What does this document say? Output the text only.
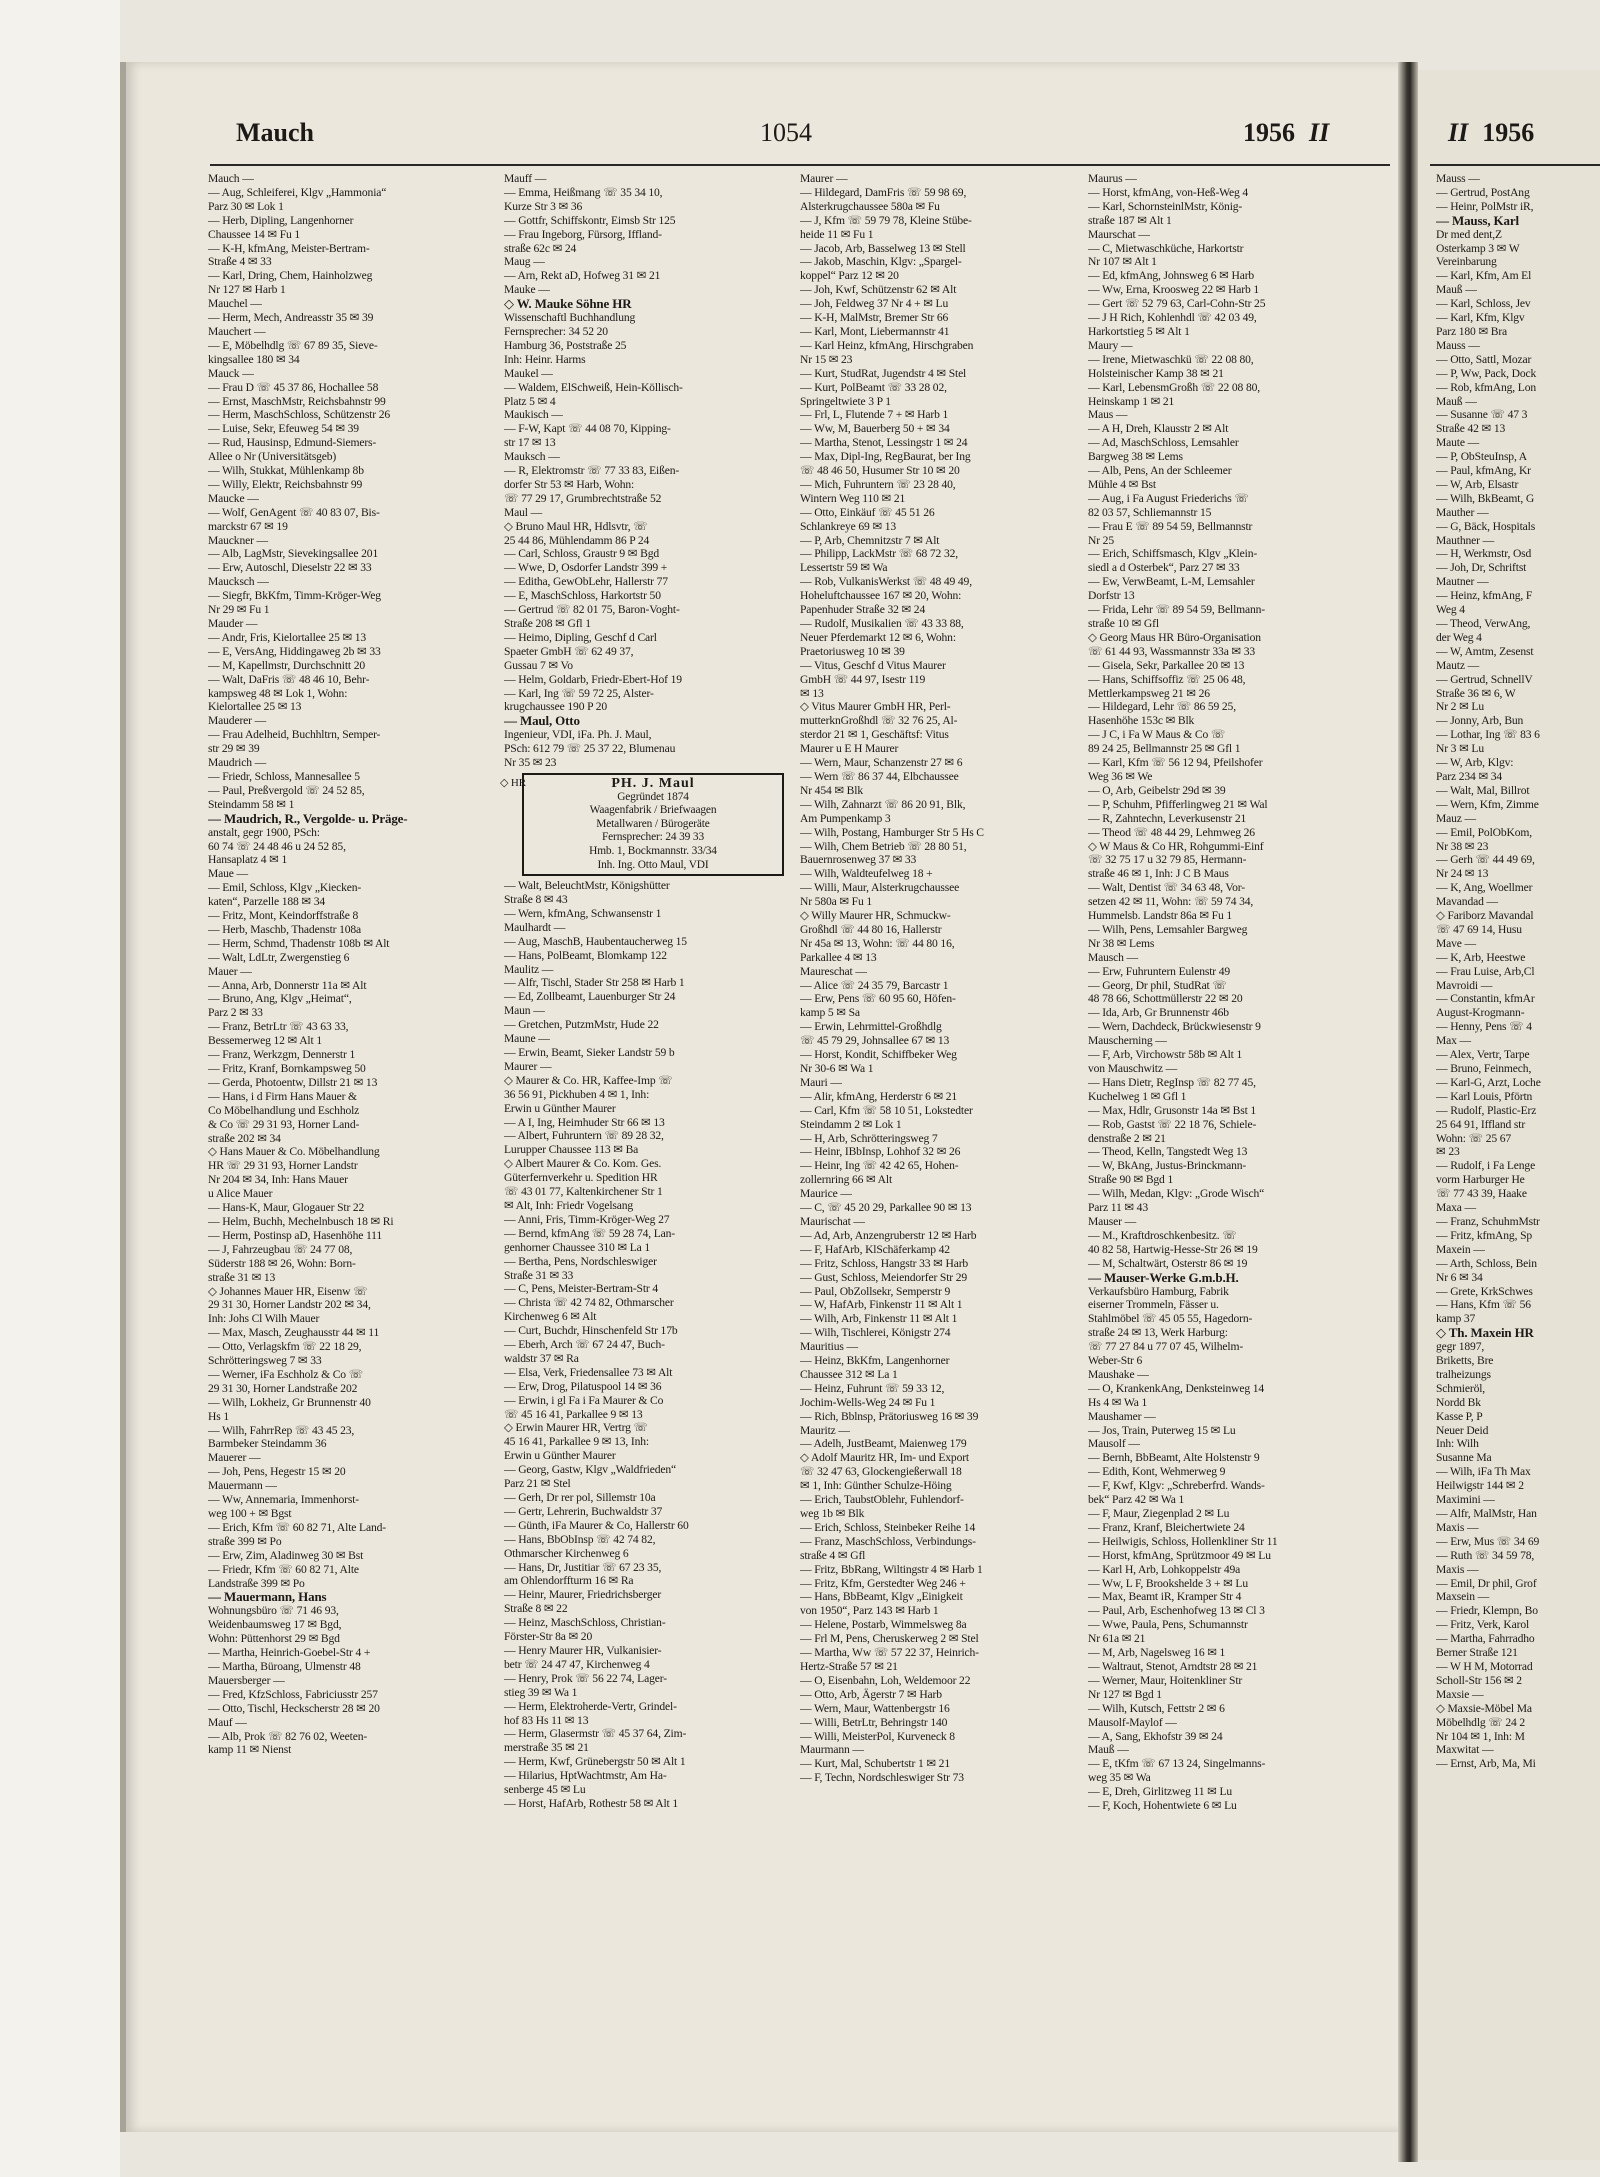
Mauch	1054	1956 II	II 1956
Mauch —
— Aug, Schleiferei, Klgv „Hammonia“
Parz 30 ✉ Lok 1
— Herb, Dipling, Langenhorner
Chaussee 14 ✉ Fu 1
— K-H, kfmAng, Meister-Bertram-
Straße 4 ✉ 33
— Karl, Dring, Chem, Hainholzweg
Nr 127 ✉ Harb 1
Mauchel —
— Herm, Mech, Andreasstr 35 ✉ 39
Mauchert —
— E, Möbelhdlg ☏ 67 89 35, Sieve-
kingsallee 180 ✉ 34
Mauck —
— Frau D ☏ 45 37 86, Hochallee 58
— Ernst, MaschMstr, Reichsbahnstr 99
— Herm, MaschSchloss, Schützenstr 26
— Luise, Sekr, Efeuweg 54 ✉ 39
— Rud, Hausinsp, Edmund-Siemers-
Allee o Nr (Universitätsgeb)
— Wilh, Stukkat, Mühlenkamp 8b
— Willy, Elektr, Reichsbahnstr 99
Maucke —
— Wolf, GenAgent ☏ 40 83 07, Bis-
marckstr 67 ✉ 19
Mauckner —
— Alb, LagMstr, Sievekingsallee 201
— Erw, Autoschl, Dieselstr 22 ✉ 33
Maucksch —
— Siegfr, BkKfm, Timm-Kröger-Weg
Nr 29 ✉ Fu 1
Mauder —
— Andr, Fris, Kielortallee 25 ✉ 13
— E, VersAng, Hiddingaweg 2b ✉ 33
— M, Kapellmstr, Durchschnitt 20
— Walt, DaFris ☏ 48 46 10, Behr-
kampsweg 48 ✉ Lok 1, Wohn:
Kielortallee 25 ✉ 13
Mauderer —
— Frau Adelheid, Buchhltrn, Semper-
str 29 ✉ 39
Maudrich —
— Friedr, Schloss, Mannesallee 5
— Paul, Preßvergold ☏ 24 52 85,
Steindamm 58 ✉ 1
— Maudrich, R., Vergolde- u. Präge-
anstalt, gegr 1900, PSch:
60 74 ☏ 24 48 46 u 24 52 85,
Hansaplatz 4 ✉ 1
Maue —
— Emil, Schloss, Klgv „Kiecken-
katen“, Parzelle 188 ✉ 34
— Fritz, Mont, Keindorffstraße 8
— Herb, Maschb, Thadenstr 108a
— Herm, Schmd, Thadenstr 108b ✉ Alt
— Walt, LdLtr, Zwergenstieg 6
Mauer —
— Anna, Arb, Donnerstr 11a ✉ Alt
— Bruno, Ang, Klgv „Heimat“,
Parz 2 ✉ 33
— Franz, BetrLtr ☏ 43 63 33,
Bessemerweg 12 ✉ Alt 1
— Franz, Werkzgm, Dennerstr 1
— Fritz, Kranf, Bornkampsweg 50
— Gerda, Photoentw, Dillstr 21 ✉ 13
— Hans, i d Firm Hans Mauer &
Co Möbelhandlung und Eschholz
& Co ☏ 29 31 93, Horner Land-
straße 202 ✉ 34
◇ Hans Mauer & Co. Möbelhandlung
HR ☏ 29 31 93, Horner Landstr
Nr 204 ✉ 34, Inh: Hans Mauer
u Alice Mauer
— Hans-K, Maur, Glogauer Str 22
— Helm, Buchh, Mechelnbusch 18 ✉ Ri
— Herm, Postinsp aD, Hasenhöhe 111
— J, Fahrzeugbau ☏ 24 77 08,
Süderstr 188 ✉ 26, Wohn: Born-
straße 31 ✉ 13
◇ Johannes Mauer HR, Eisenw ☏
29 31 30, Horner Landstr 202 ✉ 34,
Inh: Johs Cl Wilh Mauer
— Max, Masch, Zeughausstr 44 ✉ 11
— Otto, Verlagskfm ☏ 22 18 29,
Schrötteringsweg 7 ✉ 33
— Werner, iFa Eschholz & Co ☏
29 31 30, Horner Landstraße 202
— Wilh, Lokheiz, Gr Brunnenstr 40
Hs 1
— Wilh, FahrrRep ☏ 43 45 23,
Barmbeker Steindamm 36
Mauerer —
— Joh, Pens, Hegestr 15 ✉ 20
Mauermann —
— Ww, Annemaria, Immenhorst-
weg 100 + ✉ Bgst
— Erich, Kfm ☏ 60 82 71, Alte Land-
straße 399 ✉ Po
— Erw, Zim, Aladinweg 30 ✉ Bst
— Friedr, Kfm ☏ 60 82 71, Alte
Landstraße 399 ✉ Po
— Mauermann, Hans
Wohnungsbüro ☏ 71 46 93,
Weidenbaumsweg 17 ✉ Bgd,
Wohn: Püttenhorst 29 ✉ Bgd
— Martha, Heinrich-Goebel-Str 4 +
— Martha, Büroang, Ulmenstr 48
Mauersberger —
— Fred, KfzSchloss, Fabriciusstr 257
— Otto, Tischl, Heckscherstr 28 ✉ 20
Mauf —
— Alb, Prok ☏ 82 76 02, Weeten-
kamp 11 ✉ Nienst
Mauff —
— Emma, Heißmang ☏ 35 34 10,
Kurze Str 3 ✉ 36
— Gottfr, Schiffskontr, Eimsb Str 125
— Frau Ingeborg, Fürsorg, Iffland-
straße 62c ✉ 24
Maug —
— Arn, Rekt aD, Hofweg 31 ✉ 21
Mauke —
◇ W. Mauke Söhne HR
Wissenschaftl Buchhandlung
Fernsprecher: 34 52 20
Hamburg 36, Poststraße 25
Inh: Heinr. Harms
Maukel —
— Waldem, ElSchweiß, Hein-Köllisch-
Platz 5 ✉ 4
Maukisch —
— F-W, Kapt ☏ 44 08 70, Kipping-
str 17 ✉ 13
Mauksch —
— R, Elektromstr ☏ 77 33 83, Eißen-
dorfer Str 53 ✉ Harb, Wohn:
☏ 77 29 17, Grumbrechtstraße 52
Maul —
◇ Bruno Maul HR, Hdlsvtr, ☏
25 44 86, Mühlendamm 86 P 24
— Carl, Schloss, Graustr 9 ✉ Bgd
— Wwe, D, Osdorfer Landstr 399 +
— Editha, GewObLehr, Hallerstr 77
— E, MaschSchloss, Harkortstr 50
— Gertrud ☏ 82 01 75, Baron-Voght-
Straße 208 ✉ Gfl 1
— Heimo, Dipling, Geschf d Carl
Spaeter GmbH ☏ 62 49 37,
Gussau 7 ✉ Vo
— Helm, Goldarb, Friedr-Ebert-Hof 19
— Karl, Ing ☏ 59 72 25, Alster-
krugchaussee 190 P 20
— Maul, Otto
Ingenieur, VDI, iFa. Ph. J. Maul,
PSch: 612 79 ☏ 25 37 22, Blumenau
Nr 35 ✉ 23
◇ HR	PH. J. Maul
Gegründet 1874
Waagenfabrik / Briefwaagen
Metallwaren / Bürogeräte
Fernsprecher: 24 39 33
Hmb. 1, Bockmannstr. 33/34
Inh. Ing. Otto Maul, VDI
— Walt, BeleuchtMstr, Königshütter
Straße 8 ✉ 43
— Wern, kfmAng, Schwansenstr 1
Maulhardt —
— Aug, MaschB, Haubentaucherweg 15
— Hans, PolBeamt, Blomkamp 122
Maulitz —
— Alfr, Tischl, Stader Str 258 ✉ Harb 1
— Ed, Zollbeamt, Lauenburger Str 24
Maun —
— Gretchen, PutzmMstr, Hude 22
Maune —
— Erwin, Beamt, Sieker Landstr 59 b
Maurer —
◇ Maurer & Co. HR, Kaffee-Imp ☏
36 56 91, Pickhuben 4 ✉ 1, Inh:
Erwin u Günther Maurer
— A I, Ing, Heimhuder Str 66 ✉ 13
— Albert, Fuhruntern ☏ 89 28 32,
Lurupper Chaussee 113 ✉ Ba
◇ Albert Maurer & Co. Kom. Ges.
Güterfernverkehr u. Spedition HR
☏ 43 01 77, Kaltenkirchener Str 1
✉ Alt, Inh: Friedr Vogelsang
— Anni, Fris, Timm-Kröger-Weg 27
— Bernd, kfmAng ☏ 59 28 74, Lan-
genhorner Chaussee 310 ✉ La 1
— Bertha, Pens, Nordschleswiger
Straße 31 ✉ 33
— C, Pens, Meister-Bertram-Str 4
— Christa ☏ 42 74 82, Othmarscher
Kirchenweg 6 ✉ Alt
— Curt, Buchdr, Hinschenfeld Str 17b
— Eberh, Arch ☏ 67 24 47, Buch-
waldstr 37 ✉ Ra
— Elsa, Verk, Friedensallee 73 ✉ Alt
— Erw, Drog, Pilatuspool 14 ✉ 36
— Erwin, i gl Fa i Fa Maurer & Co
☏ 45 16 41, Parkallee 9 ✉ 13
◇ Erwin Maurer HR, Vertrg ☏
45 16 41, Parkallee 9 ✉ 13, Inh:
Erwin u Günther Maurer
— Georg, Gastw, Klgv „Waldfrieden“
Parz 21 ✉ Stel
— Gerh, Dr rer pol, Sillemstr 10a
— Gertr, Lehrerin, Buchwaldstr 37
— Günth, iFa Maurer & Co, Hallerstr 60
— Hans, BbObInsp ☏ 42 74 82,
Othmarscher Kirchenweg 6
— Hans, Dr, Justitiar ☏ 67 23 35,
am Ohlendorffturm 16 ✉ Ra
— Heinr, Maurer, Friedrichsberger
Straße 8 ✉ 22
— Heinz, MaschSchloss, Christian-
Förster-Str 8a ✉ 20
— Henry Maurer HR, Vulkanisier-
betr ☏ 24 47 47, Kirchenweg 4
— Henry, Prok ☏ 56 22 74, Lager-
stieg 39 ✉ Wa 1
— Herm, Elektroherde-Vertr, Grindel-
hof 83 Hs 11 ✉ 13
— Herm, Glasermstr ☏ 45 37 64, Zim-
merstraße 35 ✉ 21
— Herm, Kwf, Grünebergstr 50 ✉ Alt 1
— Hilarius, HptWachtmstr, Am Ha-
senberge 45 ✉ Lu
— Horst, HafArb, Rothestr 58 ✉ Alt 1
Maurer —
— Hildegard, DamFris ☏ 59 98 69,
Alsterkrugchaussee 580a ✉ Fu
— J, Kfm ☏ 59 79 78, Kleine Stübe-
heide 11 ✉ Fu 1
— Jacob, Arb, Basselweg 13 ✉ Stell
— Jakob, Maschin, Klgv: „Spargel-
koppel“ Parz 12 ✉ 20
— Joh, Kwf, Schützenstr 62 ✉ Alt
— Joh, Feldweg 37 Nr 4 + ✉ Lu
— K-H, MalMstr, Bremer Str 66
— Karl, Mont, Liebermannstr 41
— Karl Heinz, kfmAng, Hirschgraben
Nr 15 ✉ 23
— Kurt, StudRat, Jugendstr 4 ✉ Stel
— Kurt, PolBeamt ☏ 33 28 02,
Springeltwiete 3 P 1
— Frl, L, Flutende 7 + ✉ Harb 1
— Ww, M, Bauerberg 50 + ✉ 34
— Martha, Stenot, Lessingstr 1 ✉ 24
— Max, Dipl-Ing, RegBaurat, ber Ing
☏ 48 46 50, Husumer Str 10 ✉ 20
— Mich, Fuhruntern ☏ 23 28 40,
Wintern Weg 110 ✉ 21
— Otto, Einkäuf ☏ 45 51 26
Schlankreye 69 ✉ 13
— P, Arb, Chemnitzstr 7 ✉ Alt
— Philipp, LackMstr ☏ 68 72 32,
Lessertstr 59 ✉ Wa
— Rob, VulkanisWerkst ☏ 48 49 49,
Hoheluftchaussee 167 ✉ 20, Wohn:
Papenhuder Straße 32 ✉ 24
— Rudolf, Musikalien ☏ 43 33 88,
Neuer Pferdemarkt 12 ✉ 6, Wohn:
Praetoriusweg 10 ✉ 39
— Vitus, Geschf d Vitus Maurer
GmbH ☏ 44 97, Isestr 119
✉ 13
◇ Vitus Maurer GmbH HR, Perl-
mutterknGroßhdl ☏ 32 76 25, Al-
sterdor 21 ✉ 1, Geschäftsf: Vitus
Maurer u E H Maurer
— Wern, Maur, Schanzenstr 27 ✉ 6
— Wern ☏ 86 37 44, Elbchaussee
Nr 454 ✉ Blk
— Wilh, Zahnarzt ☏ 86 20 91, Blk,
Am Pumpenkamp 3
— Wilh, Postang, Hamburger Str 5 Hs C
— Wilh, Chem Betrieb ☏ 28 80 51,
Bauernrosenweg 37 ✉ 33
— Wilh, Waldteufelweg 18 +
— Willi, Maur, Alsterkrugchaussee
Nr 580a ✉ Fu 1
◇ Willy Maurer HR, Schmuckw-
Großhdl ☏ 44 80 16, Hallerstr
Nr 45a ✉ 13, Wohn: ☏ 44 80 16,
Parkallee 4 ✉ 13
Maureschat —
— Alice ☏ 24 35 79, Barcastr 1
— Erw, Pens ☏ 60 95 60, Höfen-
kamp 5 ✉ Sa
— Erwin, Lehrmittel-Großhdlg
☏ 45 79 29, Johnsallee 67 ✉ 13
— Horst, Kondit, Schiffbeker Weg
Nr 30-6 ✉ Wa 1
Mauri —
— Alir, kfmAng, Herderstr 6 ✉ 21
— Carl, Kfm ☏ 58 10 51, Lokstedter
Steindamm 2 ✉ Lok 1
— H, Arb, Schrötteringsweg 7
— Heinr, IBbInsp, Lohhof 32 ✉ 26
— Heinr, Ing ☏ 42 42 65, Hohen-
zollernring 66 ✉ Alt
Maurice —
— C, ☏ 45 20 29, Parkallee 90 ✉ 13
Maurischat —
— Ad, Arb, Anzengruberstr 12 ✉ Harb
— F, HafArb, KlSchäferkamp 42
— Fritz, Schloss, Hangstr 33 ✉ Harb
— Gust, Schloss, Meiendorfer Str 29
— Paul, ObZollsekr, Semperstr 9
— W, HafArb, Finkenstr 11 ✉ Alt 1
— Wilh, Arb, Finkenstr 11 ✉ Alt 1
— Wilh, Tischlerei, Königstr 274
Mauritius —
— Heinz, BkKfm, Langenhorner
Chaussee 312 ✉ La 1
— Heinz, Fuhrunt ☏ 59 33 12,
Jochim-Wells-Weg 24 ✉ Fu 1
— Rich, Bblnsp, Prätoriusweg 16 ✉ 39
Mauritz —
— Adelh, JustBeamt, Maienweg 179
◇ Adolf Mauritz HR, Im- und Export
☏ 32 47 63, Glockengießerwall 18
✉ 1, Inh: Günther Schulze-Höing
— Erich, TaubstOblehr, Fuhlendorf-
weg 1b ✉ Blk
— Erich, Schloss, Steinbeker Reihe 14
— Franz, MaschSchloss, Verbindungs-
straße 4 ✉ Gfl
— Fritz, BbRang, Wiltingstr 4 ✉ Harb 1
— Fritz, Kfm, Gerstedter Weg 246 +
— Hans, BbBeamt, Klgv „Einigkeit
von 1950“, Parz 143 ✉ Harb 1
— Helene, Postarb, Wimmelsweg 8a
— Frl M, Pens, Cheruskerweg 2 ✉ Stel
— Martha, Ww ☏ 57 22 37, Heinrich-
Hertz-Straße 57 ✉ 21
— O, Eisenbahn, Loh, Weldemoor 22
— Otto, Arb, Ägerstr 7 ✉ Harb
— Wern, Maur, Wattenbergstr 16
— Willi, BetrLtr, Behringstr 140
— Willi, MeisterPol, Kurveneck 8
Maurmann —
— Kurt, Mal, Schubertstr 1 ✉ 21
— F, Techn, Nordschleswiger Str 73
Maurus —
— Horst, kfmAng, von-Heß-Weg 4
— Karl, SchornsteinlMstr, König-
straße 187 ✉ Alt 1
Maurschat —
— C, Mietwaschküche, Harkortstr
Nr 107 ✉ Alt 1
— Ed, kfmAng, Johnsweg 6 ✉ Harb
— Ww, Erna, Kroosweg 22 ✉ Harb 1
— Gert ☏ 52 79 63, Carl-Cohn-Str 25
— J H Rich, Kohlenhdl ☏ 42 03 49,
Harkortstieg 5 ✉ Alt 1
Maury —
— Irene, Mietwaschkü ☏ 22 08 80,
Holsteinischer Kamp 38 ✉ 21
— Karl, LebensmGroßh ☏ 22 08 80,
Heinskamp 1 ✉ 21
Maus —
— A H, Dreh, Klausstr 2 ✉ Alt
— Ad, MaschSchloss, Lemsahler
Bargweg 38 ✉ Lems
— Alb, Pens, An der Schleemer
Mühle 4 ✉ Bst
— Aug, i Fa August Friederichs ☏
82 03 57, Schliemannstr 15
— Frau E ☏ 89 54 59, Bellmannstr
Nr 25
— Erich, Schiffsmasch, Klgv „Klein-
siedl a d Osterbek“, Parz 27 ✉ 33
— Ew, VerwBeamt, L-M, Lemsahler
Dorfstr 13
— Frida, Lehr ☏ 89 54 59, Bellmann-
straße 10 ✉ Gfl
◇ Georg Maus HR Büro-Organisation
☏ 61 44 93, Wassmannstr 33a ✉ 33
— Gisela, Sekr, Parkallee 20 ✉ 13
— Hans, Schiffsoffiz ☏ 25 06 48,
Mettlerkampsweg 21 ✉ 26
— Hildegard, Lehr ☏ 86 59 25,
Hasenhöhe 153c ✉ Blk
— J C, i Fa W Maus & Co ☏
89 24 25, Bellmannstr 25 ✉ Gfl 1
— Karl, Kfm ☏ 56 12 94, Pfeilshofer
Weg 36 ✉ We
— O, Arb, Geibelstr 29d ✉ 39
— P, Schuhm, Pfifferlingweg 21 ✉ Wal
— R, Zahntechn, Leverkusenstr 21
— Theod ☏ 48 44 29, Lehmweg 26
◇ W Maus & Co HR, Rohgummi-Einf
☏ 32 75 17 u 32 79 85, Hermann-
straße 46 ✉ 1, Inh: J C B Maus
— Walt, Dentist ☏ 34 63 48, Vor-
setzen 42 ✉ 11, Wohn: ☏ 59 74 34,
Hummelsb. Landstr 86a ✉ Fu 1
— Wilh, Pens, Lemsahler Bargweg
Nr 38 ✉ Lems
Mausch —
— Erw, Fuhruntern Eulenstr 49
— Georg, Dr phil, StudRat ☏
48 78 66, Schottmüllerstr 22 ✉ 20
— Ida, Arb, Gr Brunnenstr 46b
— Wern, Dachdeck, Brückwiesenstr 9
Mauscherning —
— F, Arb, Virchowstr 58b ✉ Alt 1
von Mauschwitz —
— Hans Dietr, RegInsp ☏ 82 77 45,
Kuchelweg 1 ✉ Gfl 1
— Max, Hdlr, Grusonstr 14a ✉ Bst 1
— Rob, Gastst ☏ 22 18 76, Schiele-
denstraße 2 ✉ 21
— Theod, Kelln, Tangstedt Weg 13
— W, BkAng, Justus-Brinckmann-
Straße 90 ✉ Bgd 1
— Wilh, Medan, Klgv: „Grode Wisch“
Parz 11 ✉ 43
Mauser —
— M., Kraftdroschkenbesitz. ☏
40 82 58, Hartwig-Hesse-Str 26 ✉ 19
— M, Schaltwärt, Osterstr 86 ✉ 19
— Mauser-Werke G.m.b.H.
Verkaufsbüro Hamburg, Fabrik
eiserner Trommeln, Fässer u.
Stahlmöbel ☏ 45 05 55, Hagedorn-
straße 24 ✉ 13, Werk Harburg:
☏ 77 27 84 u 77 07 45, Wilhelm-
Weber-Str 6
Maushake —
— O, KrankenkAng, Denksteinweg 14
Hs 4 ✉ Wa 1
Maushamer —
— Jos, Train, Puterweg 15 ✉ Lu
Mausolf —
— Bernh, BbBeamt, Alte Holstenstr 9
— Edith, Kont, Wehmerweg 9
— F, Kwf, Klgv: „Schreberfrd. Wands-
bek“ Parz 42 ✉ Wa 1
— F, Maur, Ziegenplad 2 ✉ Lu
— Franz, Kranf, Bleichertwiete 24
— Heilwigis, Schloss, Hollenkliner Str 11
— Horst, kfmAng, Sprützmoor 49 ✉ Lu
— Karl H, Arb, Lohkoppelstr 49a
— Ww, L F, Brookshelde 3 + ✉ Lu
— Max, Beamt iR, Kramper Str 4
— Paul, Arb, Eschenhofweg 13 ✉ Cl 3
— Wwe, Paula, Pens, Schumannstr
Nr 61a ✉ 21
— M, Arb, Nagelsweg 16 ✉ 1
— Waltraut, Stenot, Arndtstr 28 ✉ 21
— Werner, Maur, Hoitenkliner Str
Nr 127 ✉ Bgd 1
— Wilh, Kutsch, Fettstr 2 ✉ 6
Mausolf-Maylof —
— A, Sang, Ekhofstr 39 ✉ 24
Mauß —
— E, tKfm ☏ 67 13 24, Singelmanns-
weg 35 ✉ Wa
— E, Dreh, Girlitzweg 11 ✉ Lu
— F, Koch, Hohentwiete 6 ✉ Lu
Mauss —
— Gertrud, PostAng
— Heinr, PolMstr iR,
— Mauss, Karl
Dr med dent,Z
Osterkamp 3 ✉ W
Vereinbarung
— Karl, Kfm, Am El
Mauß —
— Karl, Schloss, Jev
— Karl, Kfm, Klgv
Parz 180 ✉ Bra
Mauss —
— Otto, Sattl, Mozar
— P, Ww, Pack, Dock
— Rob, kfmAng, Lon
Mauß —
— Susanne ☏ 47 3
Straße 42 ✉ 13
Maute —
— P, ObSteuInsp, A
— Paul, kfmAng, Kr
— W, Arb, Elsastr
— Wilh, BkBeamt, G
Mauther —
— G, Bäck, Hospitals
Mauthner —
— H, Werkmstr, Osd
— Joh, Dr, Schriftst
Mautner —
— Heinz, kfmAng, F
Weg 4
— Theod, VerwAng,
der Weg 4
— W, Amtm, Zesenst
Mautz —
— Gertrud, SchnellV
Straße 36 ✉ 6, W
Nr 2 ✉ Lu
— Jonny, Arb, Bun
— Lothar, Ing ☏ 83 6
Nr 3 ✉ Lu
— W, Arb, Klgv:
Parz 234 ✉ 34
— Walt, Mal, Billrot
— Wern, Kfm, Zimme
Mauz —
— Emil, PolObKom,
Nr 38 ✉ 23
— Gerh ☏ 44 49 69,
Nr 24 ✉ 13
— K, Ang, Woellmer
Mavandad —
◇ Fariborz Mavandal
☏ 47 69 14, Husu
Mave —
— K, Arb, Heestwe
— Frau Luise, Arb,Cl
Mavroidi —
— Constantin, kfmAr
August-Krogmann-
— Henny, Pens ☏ 4
Max —
— Alex, Vertr, Tarpe
— Bruno, Feinmech,
— Karl-G, Arzt, Loche
— Karl Louis, Pförtn
— Rudolf, Plastic-Erz
25 64 91, Iffland str
Wohn: ☏ 25 67
✉ 23
— Rudolf, i Fa Lenge
vorm Harburger He
☏ 77 43 39, Haake
Maxa —
— Franz, SchuhmMstr
— Fritz, kfmAng, Sp
Maxein —
— Arth, Schloss, Bein
Nr 6 ✉ 34
— Grete, KrkSchwes
— Hans, Kfm ☏ 56
kamp 37
◇ Th. Maxein HR
gegr 1897,
Briketts, Bre
tralheizungs
Schmieröl,
Nordd Bk
Kasse P, P
Neuer Deid
Inh: Wilh
Susanne Ma
— Wilh, iFa Th Max
Heilwigstr 144 ✉ 2
Maximini —
— Alfr, MalMstr, Han
Maxis —
— Erw, Mus ☏ 34 69
— Ruth ☏ 34 59 78,
Maxis —
— Emil, Dr phil, Grof
Maxsein —
— Friedr, Klempn, Bo
— Fritz, Verk, Karol
— Martha, Fahrradho
Berner Straße 121
— W H M, Motorrad
Scholl-Str 156 ✉ 2
Maxsie —
◇ Maxsie-Möbel Ma
Möbelhdlg ☏ 24 2
Nr 104 ✉ 1, Inh: M
Maxwitat —
— Ernst, Arb, Ma, Mi
